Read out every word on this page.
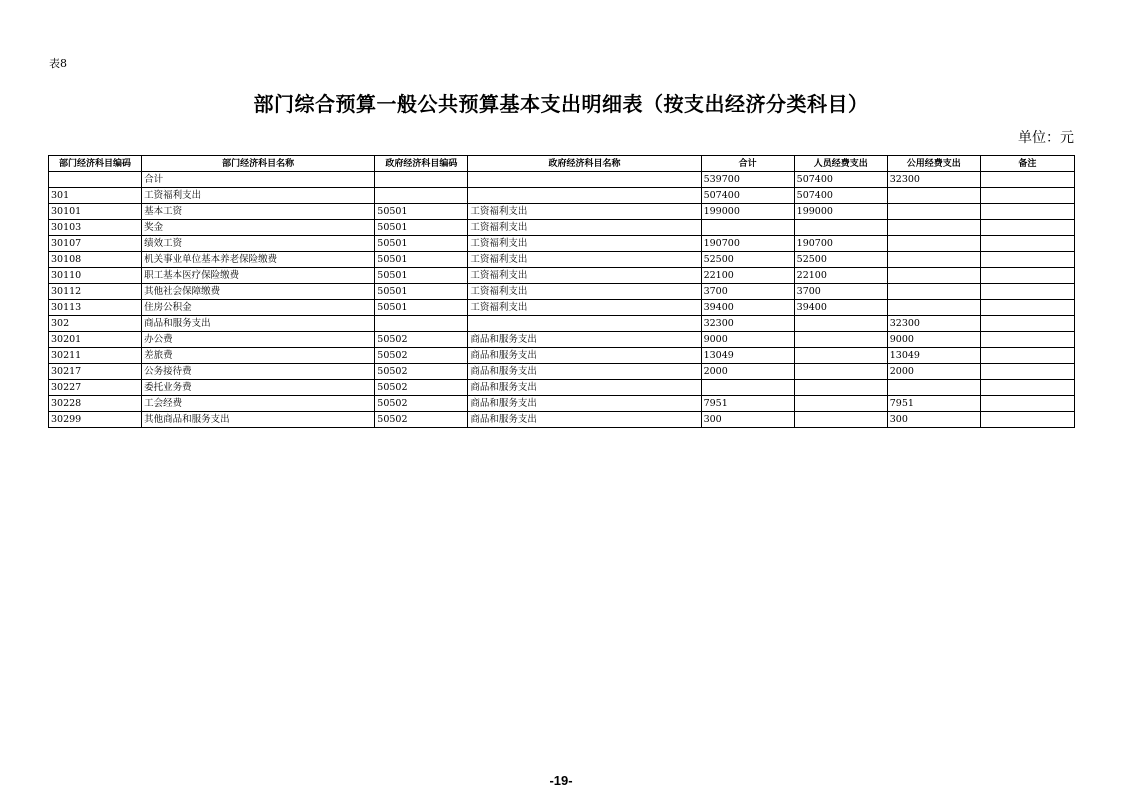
表8
部门综合预算一般公共预算基本支出明细表（按支出经济分类科目）
单位：元
部门经济科目编码	部门经济科目名称	政府经济科目编码	政府经济科目名称	合计	人员经费支出	公用经费支出	备注
	合计			539700	507400	32300	
301	工资福利支出			507400	507400		
30101	基本工资	50501	工资福利支出	199000	199000		
30103	奖金	50501	工资福利支出				
30107	绩效工资	50501	工资福利支出	190700	190700		
30108	机关事业单位基本养老保险缴费	50501	工资福利支出	52500	52500		
30110	职工基本医疗保险缴费	50501	工资福利支出	22100	22100		
30112	其他社会保障缴费	50501	工资福利支出	3700	3700		
30113	住房公积金	50501	工资福利支出	39400	39400		
302	商品和服务支出			32300		32300	
30201	办公费	50502	商品和服务支出	9000		9000	
30211	差旅费	50502	商品和服务支出	13049		13049	
30217	公务接待费	50502	商品和服务支出	2000		2000	
30227	委托业务费	50502	商品和服务支出				
30228	工会经费	50502	商品和服务支出	7951		7951	
30299	其他商品和服务支出	50502	商品和服务支出	300		300	
-19-
